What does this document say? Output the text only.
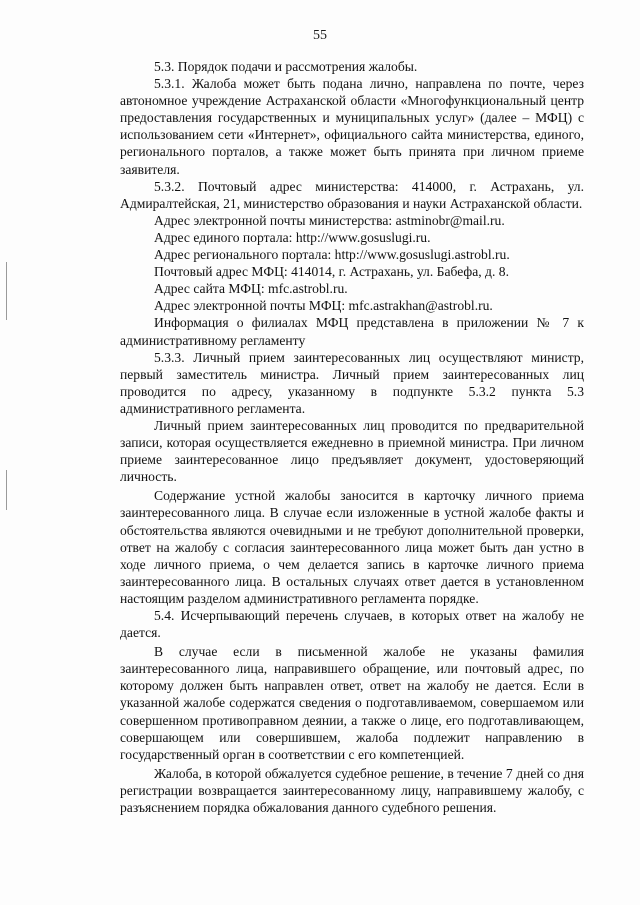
55

5.3. Порядок подачи и рассмотрения жалобы.

5.3.1. Жалоба может быть подана лично, направлена по почте, через автономное учреждение Астраханской области «Многофункциональный центр предоставления государственных и муниципальных услуг» (далее – МФЦ) с использованием сети «Интернет», официального сайта министерства, единого, регионального порталов, а также может быть принята при личном приеме заявителя.

5.3.2. Почтовый адрес министерства: 414000, г. Астрахань, ул. Адмиралтейская, 21, министерство образования и науки Астраханской области.

Адрес электронной почты министерства: astminobr@mail.ru.

Адрес единого портала: http://www.gosuslugi.ru.

Адрес регионального портала: http://www.gosuslugi.astrobl.ru.

Почтовый адрес МФЦ: 414014, г. Астрахань, ул. Бабефа, д. 8.

Адрес сайта МФЦ: mfc.astrobl.ru.

Адрес электронной почты МФЦ: mfc.astrakhan@astrobl.ru.

Информация о филиалах МФЦ представлена в приложении № 7 к административному регламенту

5.3.3. Личный прием заинтересованных лиц осуществляют министр, первый заместитель министра. Личный прием заинтересованных лиц проводится по адресу, указанному в подпункте 5.3.2 пункта 5.3 административного регламента.

Личный прием заинтересованных лиц проводится по предварительной записи, которая осуществляется ежедневно в приемной министра. При личном приеме заинтересованное лицо предъявляет документ, удостоверяющий личность.

Содержание устной жалобы заносится в карточку личного приема заинтересованного лица. В случае если изложенные в устной жалобе факты и обстоятельства являются очевидными и не требуют дополнительной проверки, ответ на жалобу с согласия заинтересованного лица может быть дан устно в ходе личного приема, о чем делается запись в карточке личного приема заинтересованного лица. В остальных случаях ответ дается в установленном настоящим разделом административного регламента порядке.

5.4. Исчерпывающий перечень случаев, в которых ответ на жалобу не дается.

В случае если в письменной жалобе не указаны фамилия заинтересованного лица, направившего обращение, или почтовый адрес, по которому должен быть направлен ответ, ответ на жалобу не дается. Если в указанной жалобе содержатся сведения о подготавливаемом, совершаемом или совершенном противоправном деянии, а также о лице, его подготавливающем, совершающем или совершившем, жалоба подлежит направлению в государственный орган в соответствии с его компетенцией.

Жалоба, в которой обжалуется судебное решение, в течение 7 дней со дня регистрации возвращается заинтересованному лицу, направившему жалобу, с разъяснением порядка обжалования данного судебного решения.
